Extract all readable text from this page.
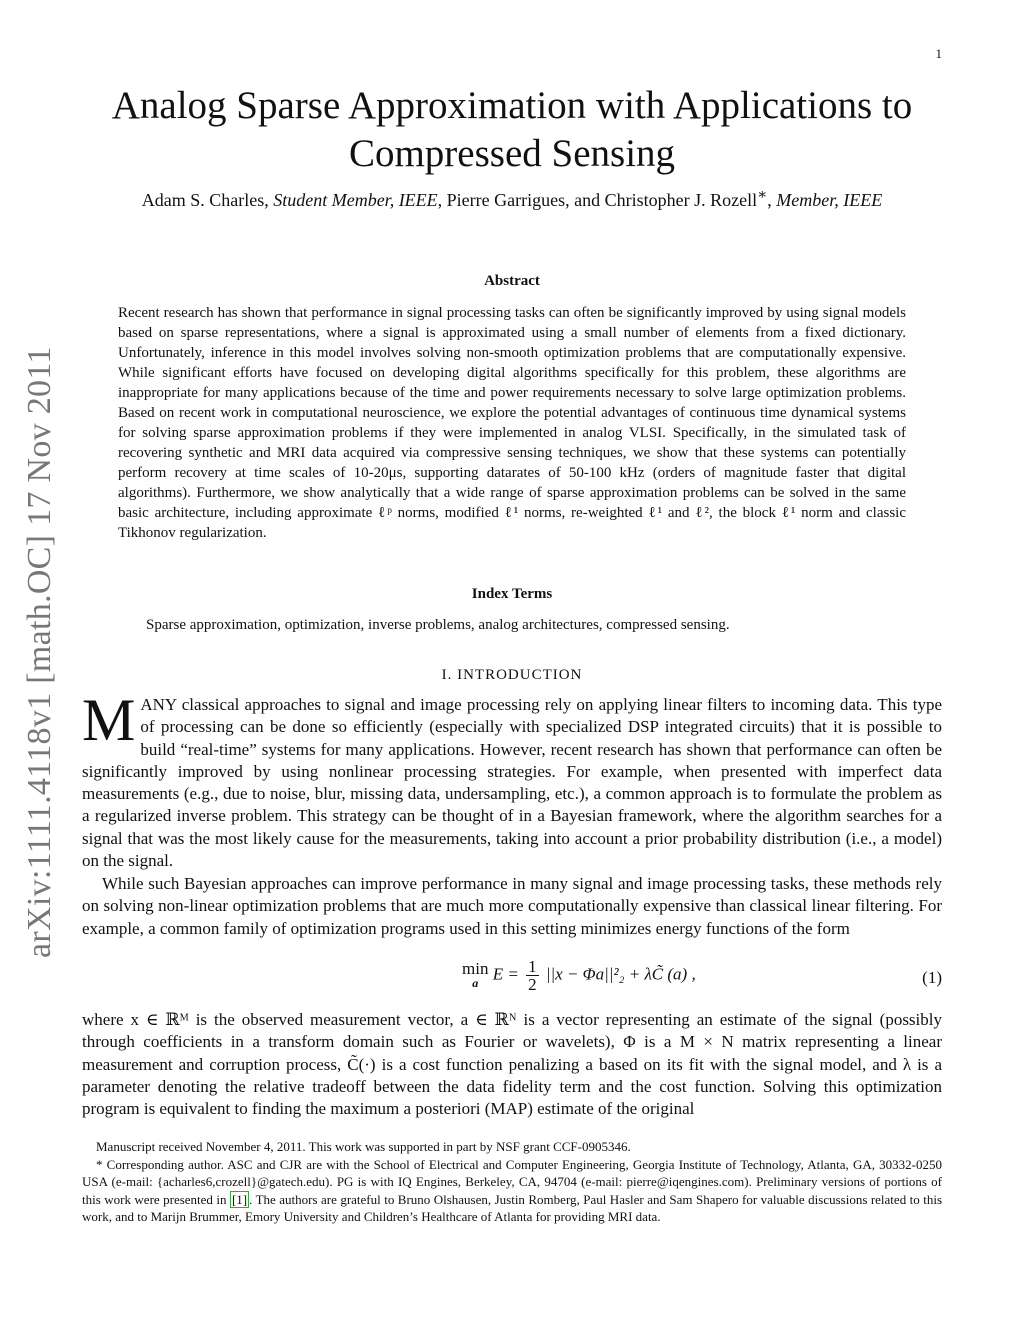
1
arXiv:1111.4118v1 [math.OC] 17 Nov 2011
Analog Sparse Approximation with Applications to Compressed Sensing
Adam S. Charles, Student Member, IEEE, Pierre Garrigues, and Christopher J. Rozell∗, Member, IEEE
Abstract

Recent research has shown that performance in signal processing tasks can often be significantly improved by using signal models based on sparse representations, where a signal is approximated using a small number of elements from a fixed dictionary. Unfortunately, inference in this model involves solving non-smooth optimization problems that are computationally expensive. While significant efforts have focused on developing digital algorithms specifically for this problem, these algorithms are inappropriate for many applications because of the time and power requirements necessary to solve large optimization problems. Based on recent work in computational neuroscience, we explore the potential advantages of continuous time dynamical systems for solving sparse approximation problems if they were implemented in analog VLSI. Specifically, in the simulated task of recovering synthetic and MRI data acquired via compressive sensing techniques, we show that these systems can potentially perform recovery at time scales of 10-20μs, supporting datarates of 50-100 kHz (orders of magnitude faster that digital algorithms). Furthermore, we show analytically that a wide range of sparse approximation problems can be solved in the same basic architecture, including approximate ℓᵖ norms, modified ℓ¹ norms, re-weighted ℓ¹ and ℓ², the block ℓ¹ norm and classic Tikhonov regularization.

Index Terms
Sparse approximation, optimization, inverse problems, analog architectures, compressed sensing.
I. INTRODUCTION

MANY classical approaches to signal and image processing rely on applying linear filters to incoming data. This type of processing can be done so efficiently (especially with specialized DSP integrated circuits) that it is possible to build “real-time” systems for many applications. However, recent research has shown that performance can often be significantly improved by using nonlinear processing strategies. For example, when presented with imperfect data measurements (e.g., due to noise, blur, missing data, undersampling, etc.), a common approach is to formulate the problem as a regularized inverse problem. This strategy can be thought of in a Bayesian framework, where the algorithm searches for a signal that was the most likely cause for the measurements, taking into account a prior probability distribution (i.e., a model) on the signal.

While such Bayesian approaches can improve performance in many signal and image processing tasks, these methods rely on solving non-linear optimization problems that are much more computationally expensive than classical linear filtering. For example, a common family of optimization programs used in this setting minimizes energy functions of the form

min
a $E = \frac{1}{2} ||x - \Phi a||^2_2$ + λC̃ (a) ,	(1)

where x ∈ ℝᴹ is the observed measurement vector, a ∈ ℝᴺ is a vector representing an estimate of the signal (possibly through coefficients in a transform domain such as Fourier or wavelets), Φ is a M × N matrix representing a linear measurement and corruption process, C̃(·) is a cost function penalizing a based on its fit with the signal model, and λ is a parameter denoting the relative tradeoff between the data fidelity term and the cost function. Solving this optimization program is equivalent to finding the maximum a posteriori (MAP) estimate of the original

Manuscript received November 4, 2011. This work was supported in part by NSF grant CCF-0905346.

* Corresponding author. ASC and CJR are with the School of Electrical and Computer Engineering, Georgia Institute of Technology, Atlanta, GA, 30332-0250 USA (e-mail: {acharles6,crozell}@gatech.edu). PG is with IQ Engines, Berkeley, CA, 94704 (e-mail: pierre@iqengines.com). Preliminary versions of portions of this work were presented in [1] . The authors are grateful to Bruno Olshausen, Justin Romberg, Paul Hasler and Sam Shapero for valuable discussions related to this work, and to Marijn Brummer, Emory University and Children’s Healthcare of Atlanta for providing MRI data.
